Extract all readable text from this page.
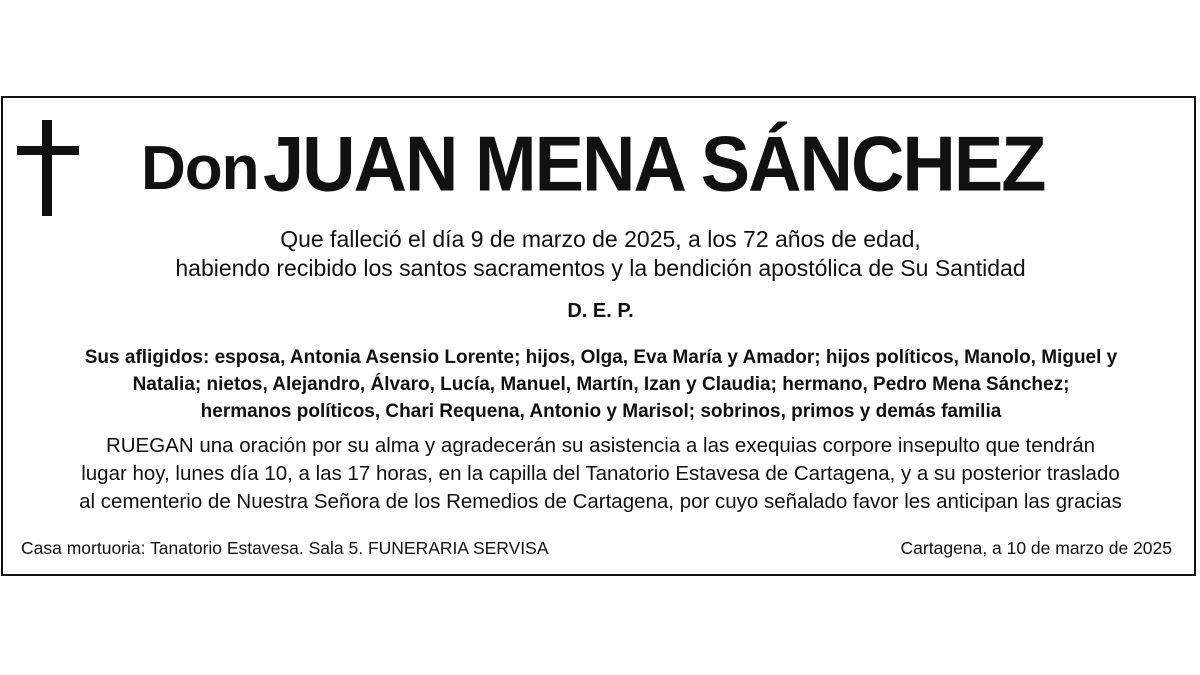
Don JUAN MENA SÁNCHEZ
Que falleció el día 9 de marzo de 2025, a los 72 años de edad,
habiendo recibido los santos sacramentos y la bendición apostólica de Su Santidad
D. E. P.
Sus afligidos: esposa, Antonia Asensio Lorente; hijos, Olga, Eva María y Amador; hijos políticos, Manolo, Miguel y
Natalia; nietos, Alejandro, Álvaro, Lucía, Manuel, Martín, Izan y Claudia; hermano, Pedro Mena Sánchez;
hermanos políticos, Chari Requena, Antonio y Marisol; sobrinos, primos y demás familia
RUEGAN una oración por su alma y agradecerán su asistencia a las exequias corpore insepulto que tendrán
lugar hoy, lunes día 10, a las 17 horas, en la capilla del Tanatorio Estavesa de Cartagena, y a su posterior traslado
al cementerio de Nuestra Señora de los Remedios de Cartagena, por cuyo señalado favor les anticipan las gracias
Casa mortuoria: Tanatorio Estavesa. Sala 5. FUNERARIA SERVISA	Cartagena, a 10 de marzo de 2025
